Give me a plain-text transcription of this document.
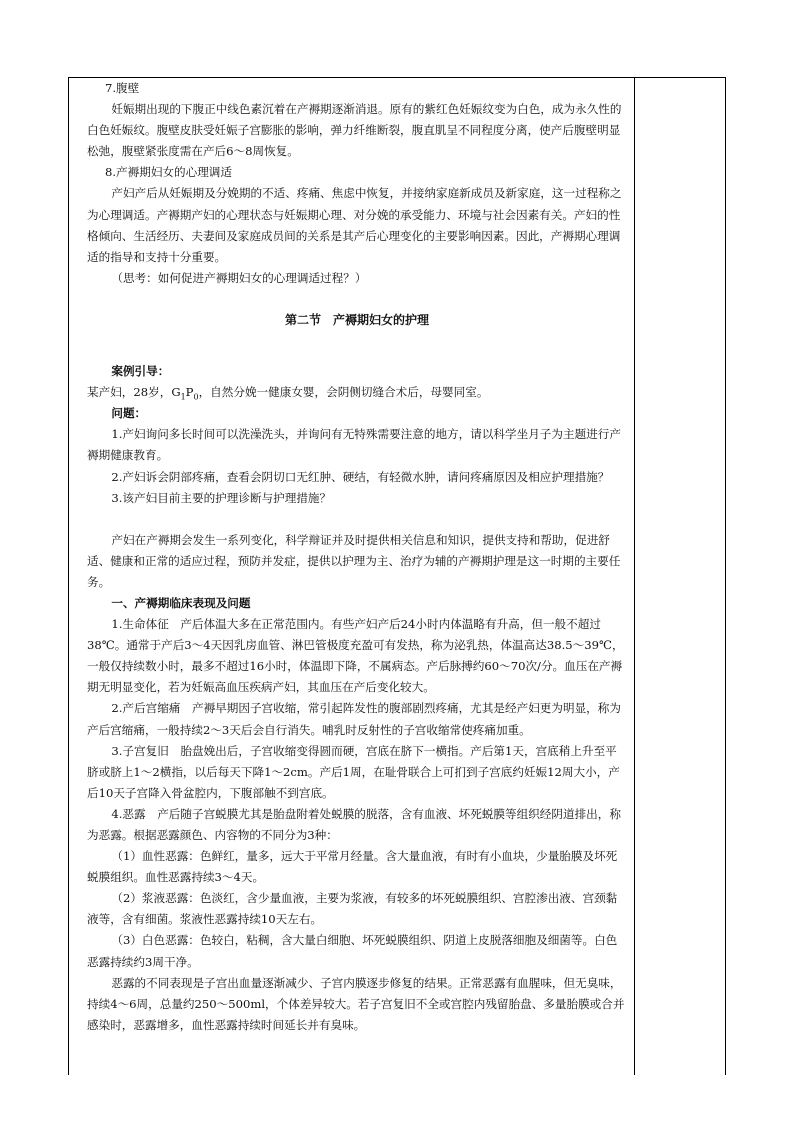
7.腹壁

妊娠期出现的下腹正中线色素沉着在产褥期逐渐消退。原有的紫红色妊娠纹变为白色，成为永久性的白色妊娠纹。腹壁皮肤受妊娠子宫膨胀的影响，弹力纤维断裂，腹直肌呈不同程度分离，使产后腹壁明显松弛，腹壁紧张度需在产后6～8周恢复。

8.产褥期妇女的心理调适

产妇产后从妊娠期及分娩期的不适、疼痛、焦虑中恢复，并接纳家庭新成员及新家庭，这一过程称之为心理调适。产褥期产妇的心理状态与妊娠期心理、对分娩的承受能力、环境与社会因素有关。产妇的性格倾向、生活经历、夫妻间及家庭成员间的关系是其产后心理变化的主要影响因素。因此，产褥期心理调适的指导和支持十分重要。

（思考：如何促进产褥期妇女的心理调适过程？）

第二节　产褥期妇女的护理

案例引导：

某产妇，28岁，$G_1P_0$，自然分娩一健康女婴，会阴侧切缝合术后，母婴同室。

问题：

1.产妇询问多长时间可以洗澡洗头，并询问有无特殊需要注意的地方，请以科学坐月子为主题进行产褥期健康教育。

2.产妇诉会阴部疼痛，查看会阴切口无红肿、硬结，有轻微水肿，请问疼痛原因及相应护理措施？

3.该产妇目前主要的护理诊断与护理措施？

产妇在产褥期会发生一系列变化，科学辩证并及时提供相关信息和知识，提供支持和帮助，促进舒适、健康和正常的适应过程，预防并发症，提供以护理为主、治疗为辅的产褥期护理是这一时期的主要任务。

一、产褥期临床表现及问题

1.生命体征　产后体温大多在正常范围内。有些产妇产后24小时内体温略有升高，但一般不超过38℃。通常于产后3～4天因乳房血管、淋巴管极度充盈可有发热，称为泌乳热，体温高达38.5～39℃，一般仅持续数小时，最多不超过16小时，体温即下降，不属病态。产后脉搏约60～70次/分。血压在产褥期无明显变化，若为妊娠高血压疾病产妇，其血压在产后变化较大。

2.产后宫缩痛　产褥早期因子宫收缩，常引起阵发性的腹部剧烈疼痛，尤其是经产妇更为明显，称为产后宫缩痛，一般持续2～3天后会自行消失。哺乳时反射性的子宫收缩常使疼痛加重。

3.子宫复旧　胎盘娩出后，子宫收缩变得圆而硬，宫底在脐下一横指。产后第1天，宫底稍上升至平脐或脐上1～2横指，以后每天下降1～2cm。产后1周，在耻骨联合上可扪到子宫底约妊娠12周大小，产后10天子宫降入骨盆腔内，下腹部触不到宫底。

4.恶露　产后随子宫蜕膜尤其是胎盘附着处蜕膜的脱落，含有血液、坏死蜕膜等组织经阴道排出，称为恶露。根据恶露颜色、内容物的不同分为3种：

（1）血性恶露：色鲜红，量多，远大于平常月经量。含大量血液，有时有小血块，少量胎膜及坏死蜕膜组织。血性恶露持续3～4天。

（2）浆液恶露：色淡红，含少量血液，主要为浆液，有较多的坏死蜕膜组织、宫腔渗出液、宫颈黏液等，含有细菌。浆液性恶露持续10天左右。

（3）白色恶露：色较白，粘稠，含大量白细胞、坏死蜕膜组织、阴道上皮脱落细胞及细菌等。白色恶露持续约3周干净。

恶露的不同表现是子宫出血量逐渐减少、子宫内膜逐步修复的结果。正常恶露有血腥味，但无臭味，持续4～6周，总量约250～500ml，个体差异较大。若子宫复旧不全或宫腔内残留胎盘、多量胎膜或合并感染时，恶露增多，血性恶露持续时间延长并有臭味。
